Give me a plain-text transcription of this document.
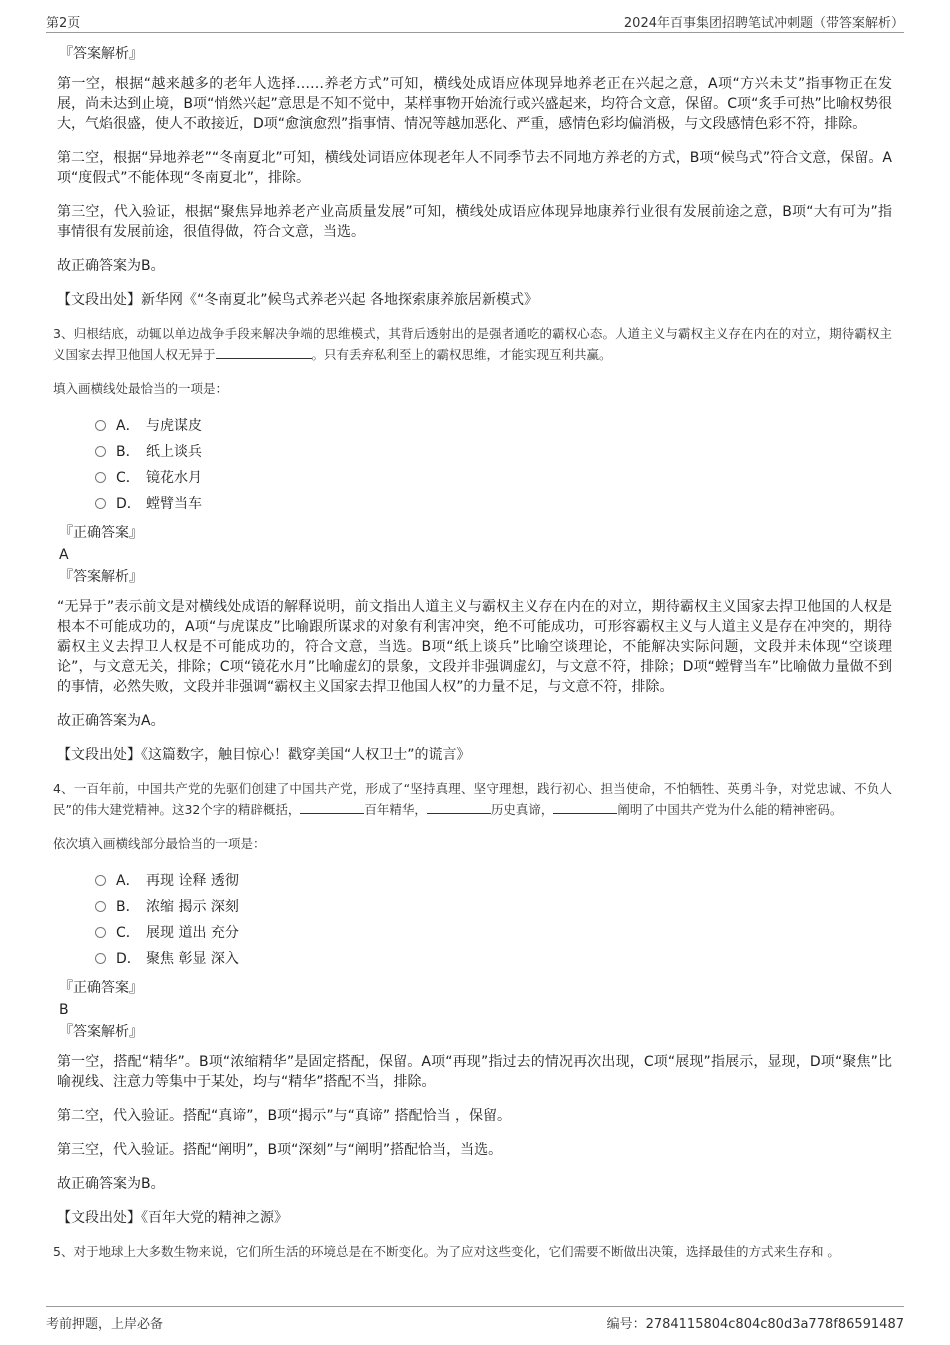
第2页	2024年百事集团招聘笔试冲刺题（带答案解析）
『答案解析』
第一空，根据“越来越多的老年人选择……养老方式”可知，横线处成语应体现异地养老正在兴起之意，A项“方兴未艾”指事物正在发展，尚未达到止境，B项“悄然兴起”意思是不知不觉中，某样事物开始流行或兴盛起来，均符合文意，保留。C项“炙手可热”比喻权势很大，气焰很盛，使人不敢接近，D项“愈演愈烈”指事情、情况等越加恶化、严重，感情色彩均偏消极，与文段感情色彩不符，排除。
第二空，根据“异地养老”“冬南夏北”可知，横线处词语应体现老年人不同季节去不同地方养老的方式，B项“候鸟式”符合文意，保留。A项“度假式”不能体现“冬南夏北”，排除。
第三空，代入验证，根据“聚焦异地养老产业高质量发展”可知，横线处成语应体现异地康养行业很有发展前途之意，B项“大有可为”指事情很有发展前途，很值得做，符合文意，当选。
故正确答案为B。
【文段出处】新华网《“冬南夏北”候鸟式养老兴起 各地探索康养旅居新模式》
3、归根结底，动辄以单边战争手段来解决争端的思维模式，其背后透射出的是强者通吃的霸权心态。人道主义与霸权主义存在内在的对立，期待霸权主义国家去捍卫他国人权无异于	。只有丢弃私利至上的霸权思维，才能实现互利共赢。
填入画横线处最恰当的一项是：
A． 与虎谋皮
B． 纸上谈兵
C． 镜花水月
D． 螳臂当车
『正确答案』
A
『答案解析』
“无异于”表示前文是对横线处成语的解释说明，前文指出人道主义与霸权主义存在内在的对立，期待霸权主义国家去捍卫他国的人权是根本不可能成功的，A项“与虎谋皮”比喻跟所谋求的对象有利害冲突，绝不可能成功，可形容霸权主义与人道主义是存在冲突的，期待霸权主义去捍卫人权是不可能成功的，符合文意，当选。B项“纸上谈兵”比喻空谈理论，不能解决实际问题，文段并未体现“空谈理论”，与文意无关，排除；C项“镜花水月”比喻虚幻的景象，文段并非强调虚幻，与文意不符，排除；D项“螳臂当车”比喻做力量做不到的事情，必然失败，文段并非强调“霸权主义国家去捍卫他国人权”的力量不足，与文意不符，排除。
故正确答案为A。
【文段出处】《这篇数字，触目惊心！戳穿美国“人权卫士”的谎言》
4、一百年前，中国共产党的先驱们创建了中国共产党，形成了“坚持真理、坚守理想，践行初心、担当使命，不怕牺牲、英勇斗争，对党忠诚、不负人民”的伟大建党精神。这32个字的精辟概括，	百年精华，	历史真谛，	阐明了中国共产党为什么能的精神密码。
依次填入画横线部分最恰当的一项是：
A． 再现 诠释 透彻
B． 浓缩 揭示 深刻
C． 展现 道出 充分
D． 聚焦 彰显 深入
『正确答案』
B
『答案解析』
第一空，搭配“精华”。B项“浓缩精华”是固定搭配，保留。A项“再现”指过去的情况再次出现，C项“展现”指展示，显现，D项“聚焦”比喻视线、注意力等集中于某处，均与“精华”搭配不当，排除。
第二空，代入验证。搭配“真谛”，B项“揭示”与“真谛” 搭配恰当 ，保留。
第三空，代入验证。搭配“阐明”，B项“深刻”与“阐明”搭配恰当，当选。
故正确答案为B。
【文段出处】《百年大党的精神之源》
5、对于地球上大多数生物来说，它们所生活的环境总是在不断变化。为了应对这些变化，它们需要不断做出决策，选择最佳的方式来生存和 。
考前押题，上岸必备	编号：2784115804c804c80d3a778f86591487
